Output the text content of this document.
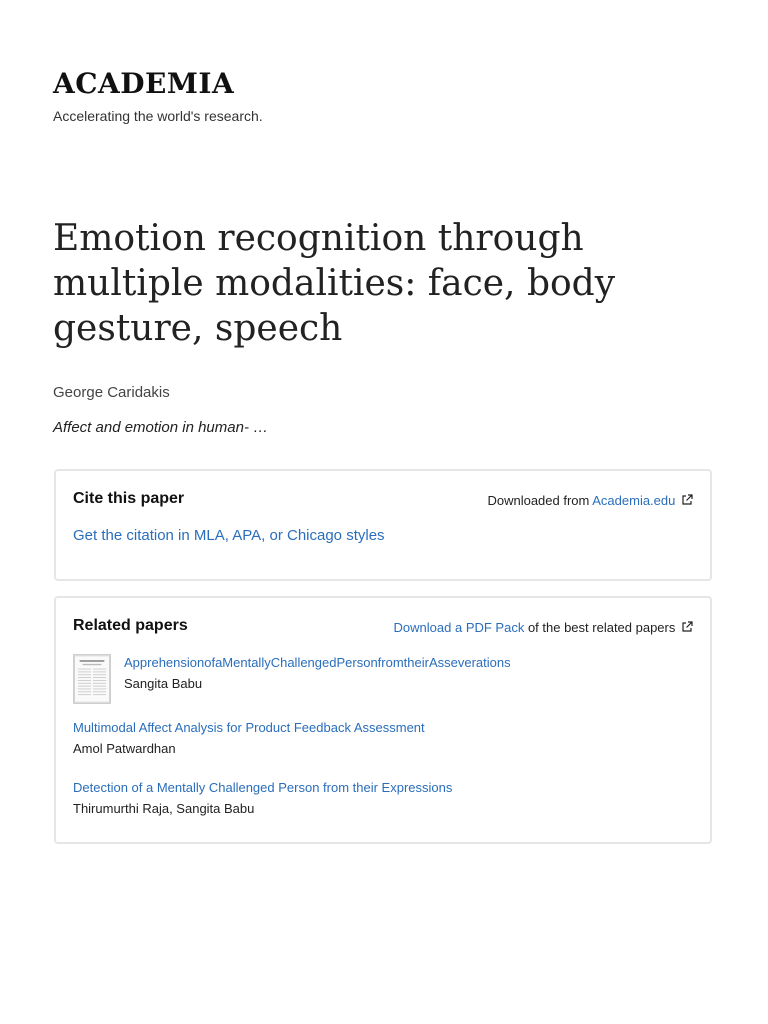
ACADEMIA
Accelerating the world's research.
Emotion recognition through multiple modalities: face, body gesture, speech
George Caridakis
Affect and emotion in human- …
Cite this paper	Downloaded from Academia.edu
Get the citation in MLA, APA, or Chicago styles
Related papers	Download a PDF Pack of the best related papers
ApprehensionofaMentallyChallengedPersonfromtheirAsseverations
Sangita Babu
Multimodal Affect Analysis for Product Feedback Assessment
Amol Patwardhan
Detection of a Mentally Challenged Person from their Expressions
Thirumurthi Raja, Sangita Babu
